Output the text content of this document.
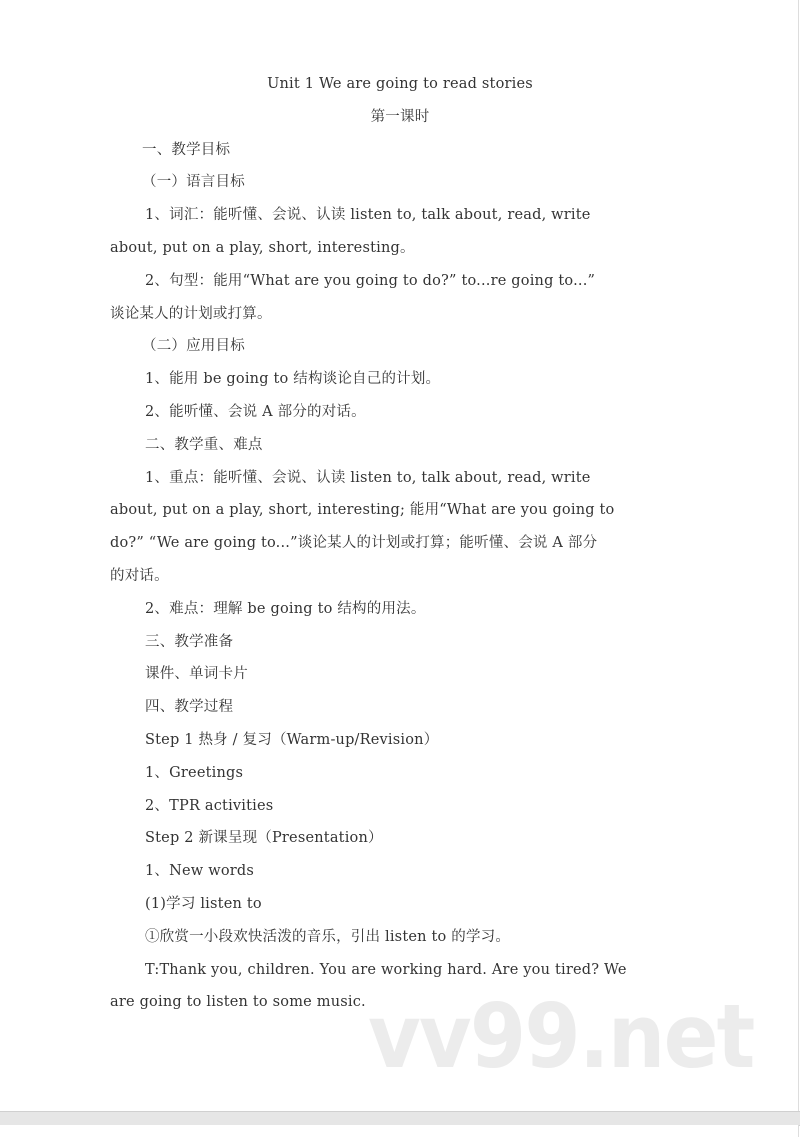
Unit 1 We are going to read stories
第一课时
一、教学目标
（一）语言目标
1、词汇：能听懂、会说、认读 listen to, talk about, read, write
about, put on a play, short, interesting。
2、句型：能用“What are you going to do?” to...re going to...”
谈论某人的计划或打算。
（二）应用目标
1、能用 be going to 结构谈论自己的计划。
2、能听懂、会说 A 部分的对话。
二、教学重、难点
1、重点：能听懂、会说、认读 listen to, talk about, read, write
about, put on a play, short, interesting; 能用“What are you going to
do?” “We are going to...”谈论某人的计划或打算；能听懂、会说 A 部分
的对话。
2、难点：理解 be going to 结构的用法。
三、教学准备
课件、单词卡片
四、教学过程
Step 1 热身 / 复习（Warm-up/Revision）
1、Greetings
2、TPR activities
Step 2 新课呈现（Presentation）
1、New words
(1)学习 listen to
①欣赏一小段欢快活泼的音乐，引出 listen to 的学习。
T:Thank you, children. You are working hard. Are you tired? We
are going to listen to some music. vv99.net
